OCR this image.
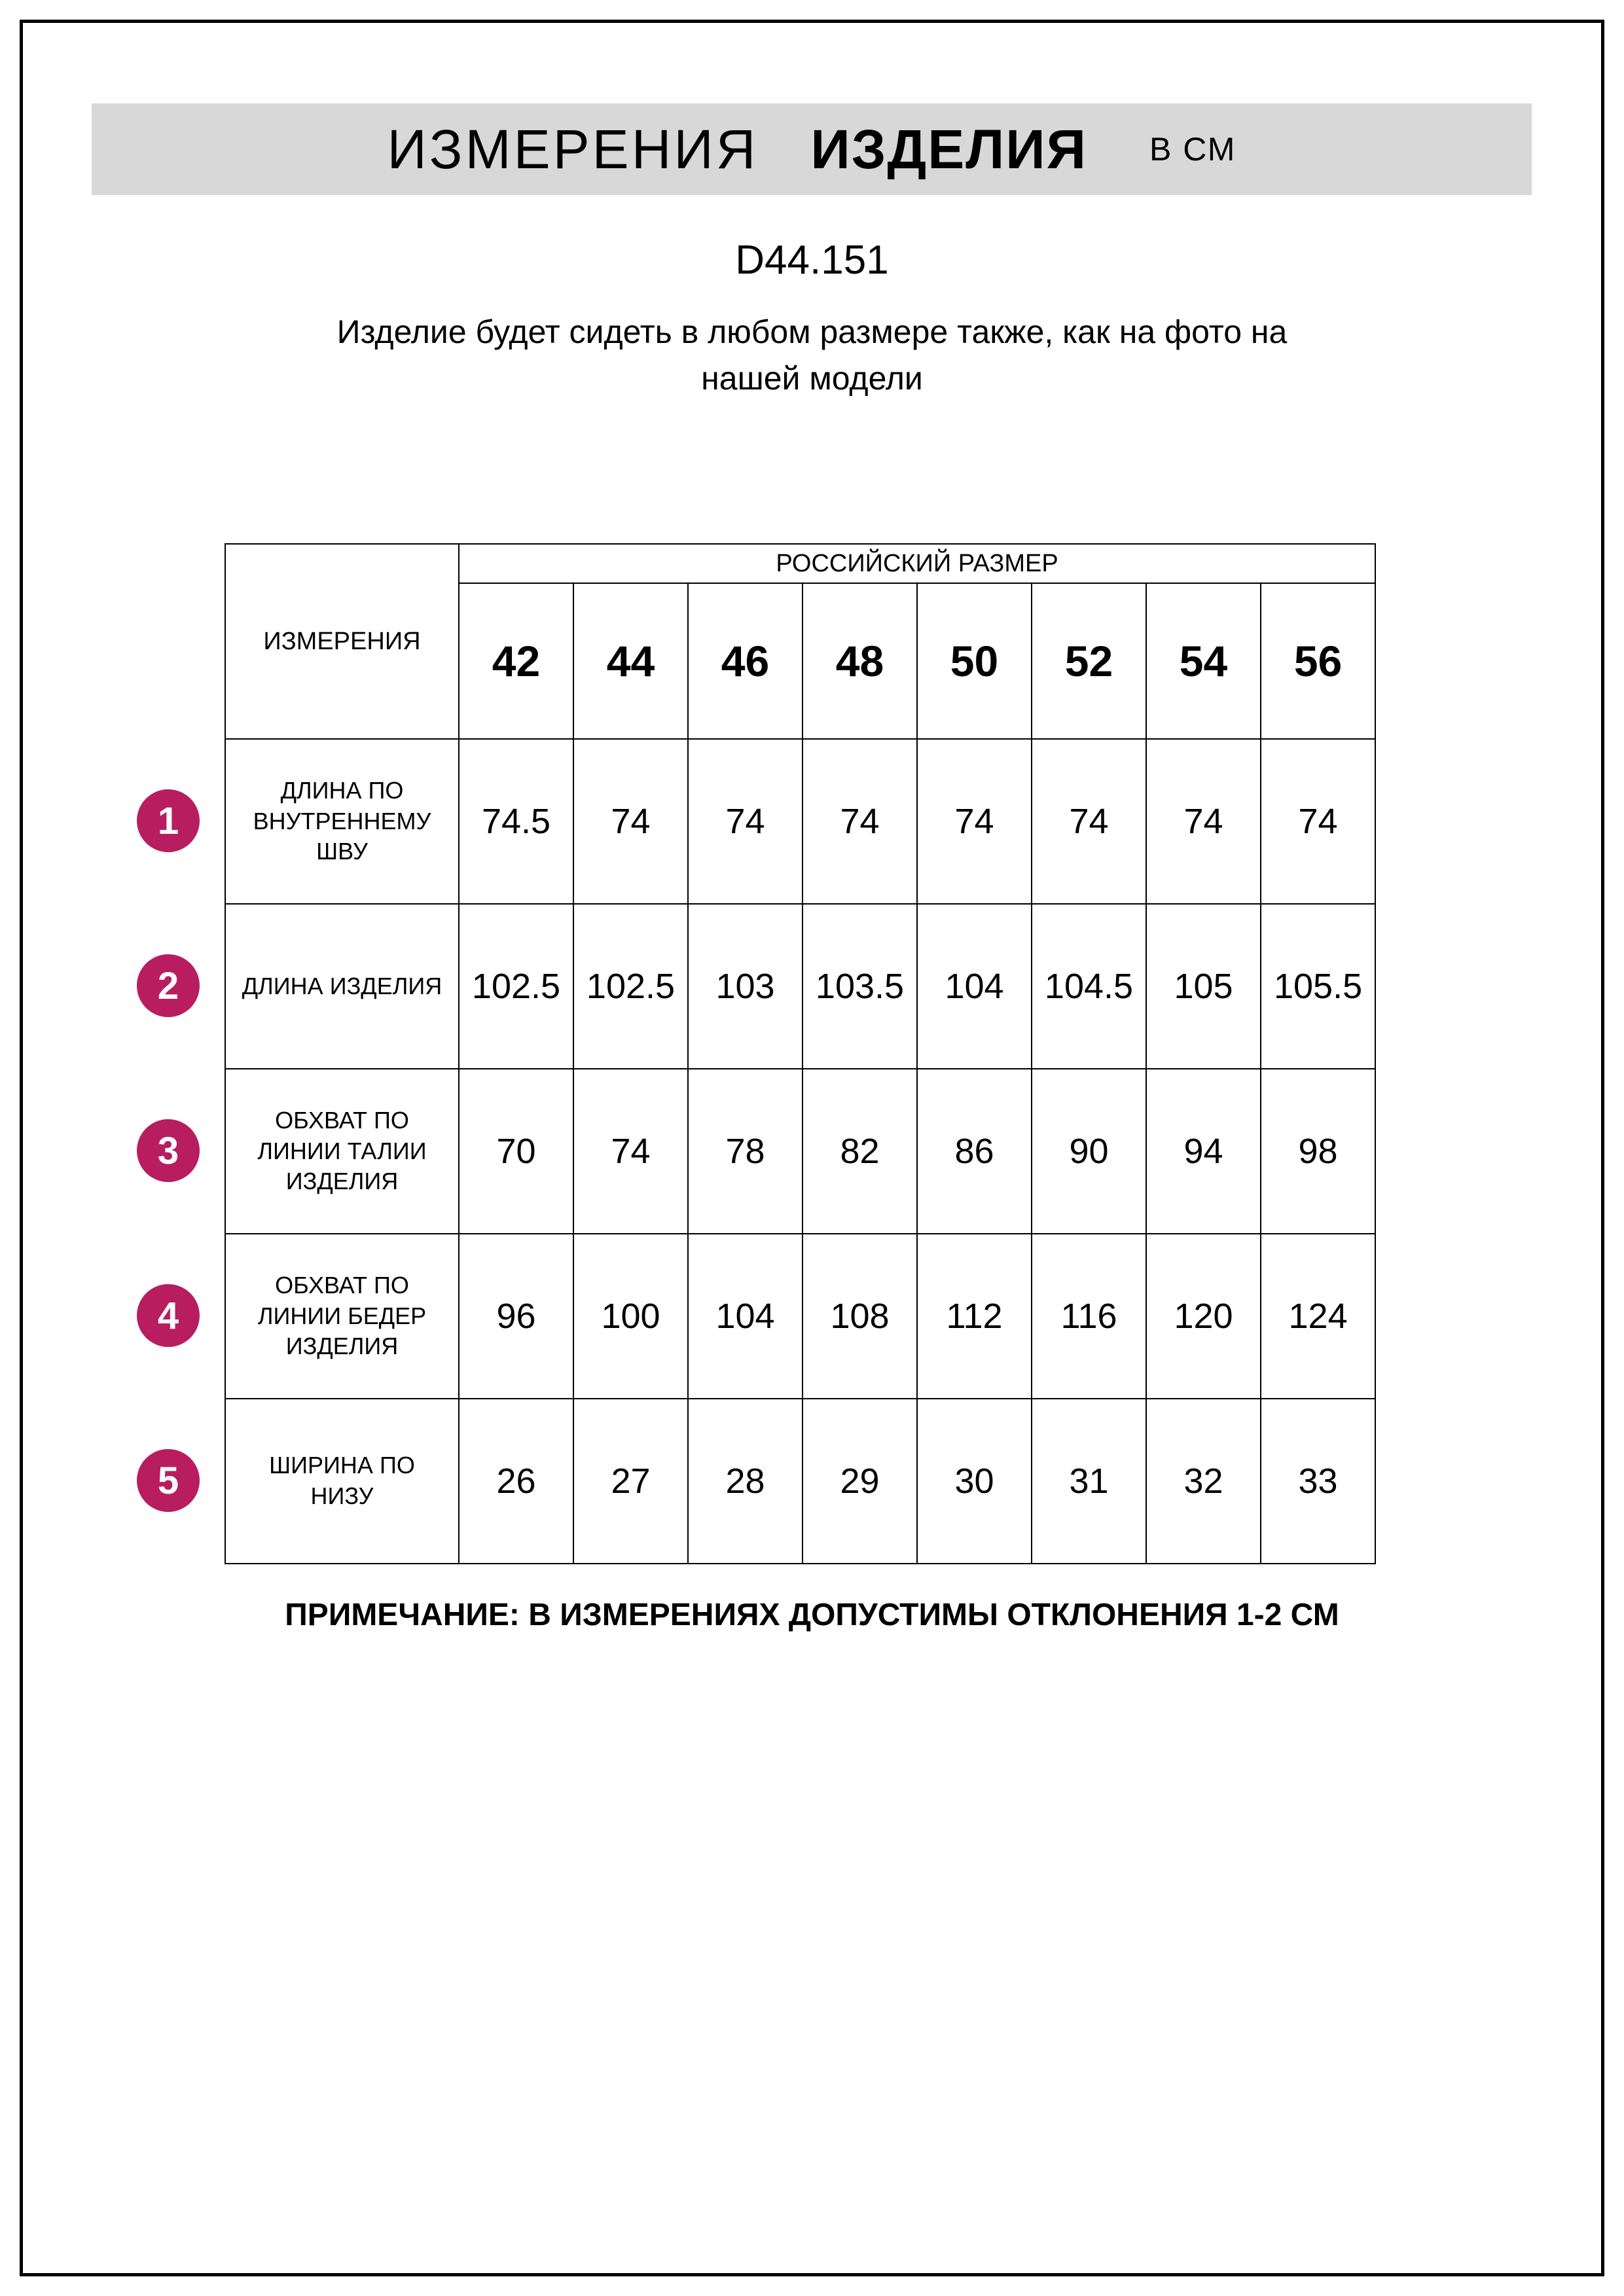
ИЗМЕРЕНИЯ ИЗДЕЛИЯ В СМ
D44.151
Изделие будет сидеть в любом размере также, как на фото на
нашей модели
ИЗМЕРЕНИЯ	РОССИЙСКИЙ РАЗМЕР							
	42	44	46	48	50	52	54	56
ДЛИНА ПО ВНУТРЕННЕМУ ШВУ	74.5	74	74	74	74	74	74	74
ДЛИНА ИЗДЕЛИЯ	102.5	102.5	103	103.5	104	104.5	105	105.5
ОБХВАТ ПО ЛИНИИ ТАЛИИ ИЗДЕЛИЯ	70	74	78	82	86	90	94	98
ОБХВАТ ПО ЛИНИИ БЕДЕР ИЗДЕЛИЯ	96	100	104	108	112	116	120	124
ШИРИНА ПО НИЗУ	26	27	28	29	30	31	32	33
1
2
3
4
5
ПРИМЕЧАНИЕ: В ИЗМЕРЕНИЯХ ДОПУСТИМЫ ОТКЛОНЕНИЯ 1-2 СМ
